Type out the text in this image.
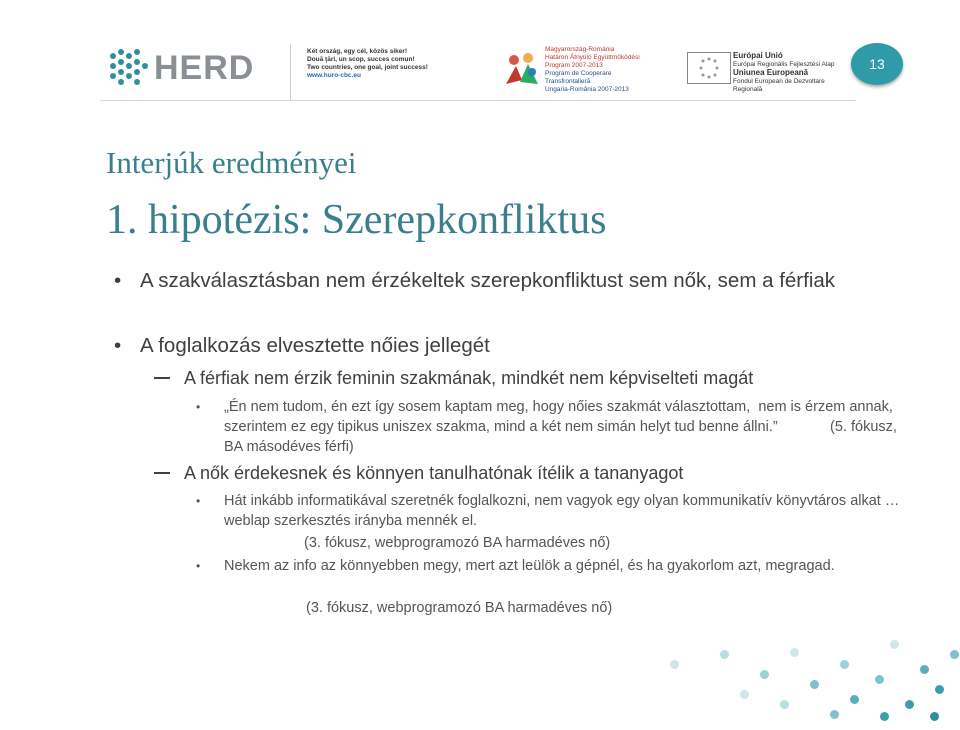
HERD	Két ország, egy cél, közös siker!
Două ţări, un scop, succes comun!
Two countries, one goal, joint success!
www.huro-cbc.eu
Magyarország-Románia
Határon Átnyúló Együttműködési
Program 2007-2013
Program de Cooperare
Transfrontalieră
Ungaria-România 2007-2013
Európai Unió
Európai Regionális Fejlesztési Alap
Uniunea Europeană
Fondul European de Dezvoltare Regională
13
Interjúk eredményei
1. hipotézis: Szerepkonfliktus
• A szakválasztásban nem érzékeltek szerepkonfliktust sem nők, sem a férfiak
• A foglalkozás elvesztette nőies jellegét
A férfiak nem érzik feminin szakmának, mindkét nem képviselteti magát
• „Én nem tudom, én ezt így sosem kaptam meg, hogy nőies szakmát választottam,  nem is érzem annak, szerintem ez egy tipikus uniszex szakma, mind a két nem simán helyt tud benne állni.”             (5. fókusz, BA másodéves férfi)
A nők érdekesnek és könnyen tanulhatónak ítélik a tananyagot
• Hát inkább informatikával szeretnék foglalkozni, nem vagyok egy olyan kommunikatív könyvtáros alkat … weblap szerkesztés irányba mennék el.
(3. fókusz, webprogramozó BA harmadéves nő)
• Nekem az info az könnyebben megy, mert azt leülök a gépnél, és ha gyakorlom azt, megragad.
(3. fókusz, webprogramozó BA harmadéves nő)
